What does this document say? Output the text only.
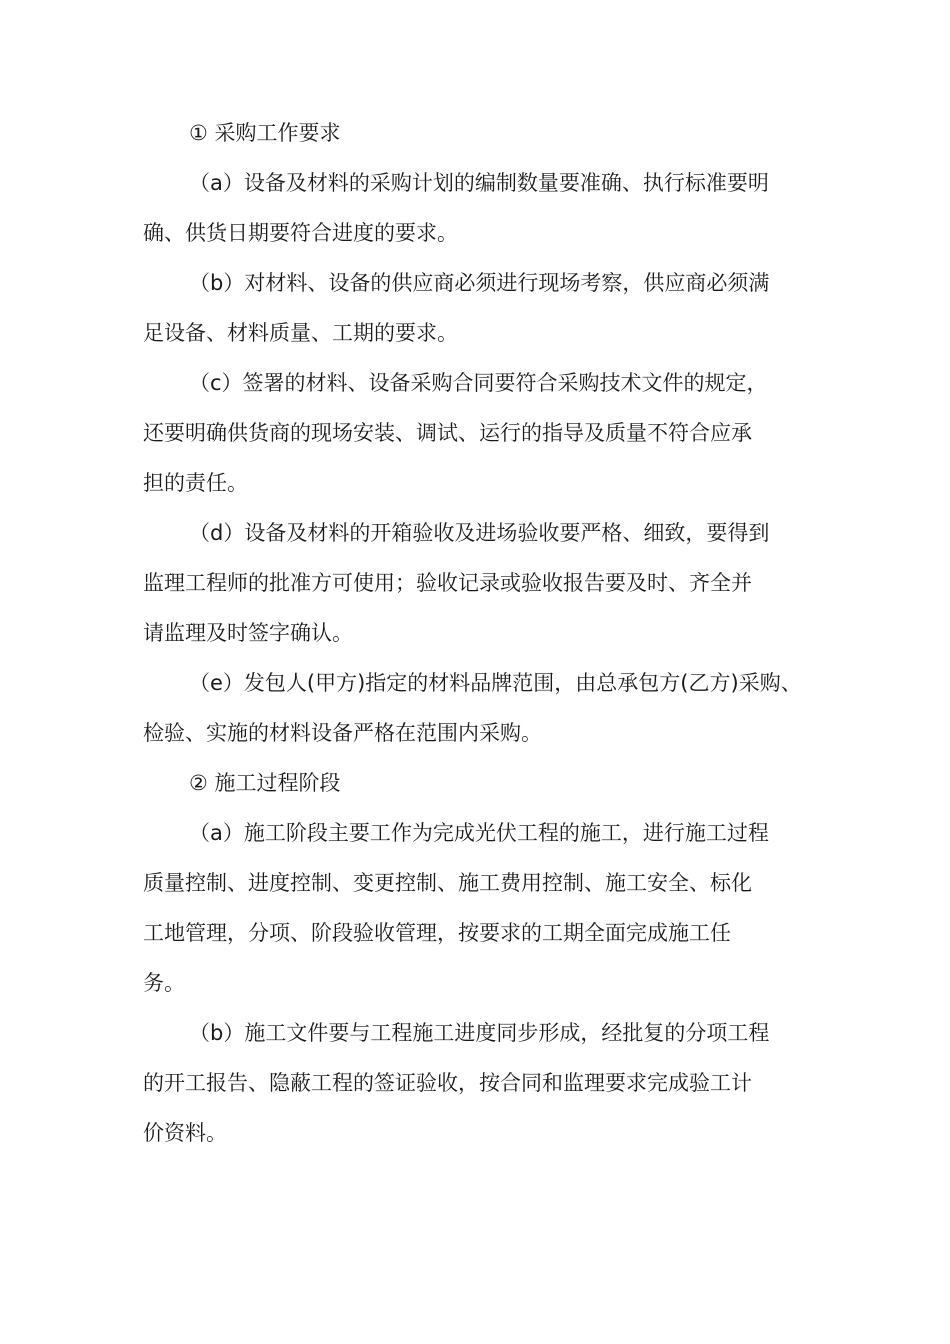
① 采购工作要求
（a）设备及材料的采购计划的编制数量要准确、执行标准要明
确、供货日期要符合进度的要求。
（b）对材料、设备的供应商必须进行现场考察，供应商必须满
足设备、材料质量、工期的要求。
（c）签署的材料、设备采购合同要符合采购技术文件的规定，
还要明确供货商的现场安装、调试、运行的指导及质量不符合应承
担的责任。
（d）设备及材料的开箱验收及进场验收要严格、细致，要得到
监理工程师的批准方可使用；验收记录或验收报告要及时、齐全并
请监理及时签字确认。
（e）发包人(甲方)指定的材料品牌范围，由总承包方(乙方)采购、
检验、实施的材料设备严格在范围内采购。
② 施工过程阶段
（a）施工阶段主要工作为完成光伏工程的施工，进行施工过程
质量控制、进度控制、变更控制、施工费用控制、施工安全、标化
工地管理，分项、阶段验收管理，按要求的工期全面完成施工任
务。
（b）施工文件要与工程施工进度同步形成，经批复的分项工程
的开工报告、隐蔽工程的签证验收，按合同和监理要求完成验工计
价资料。
